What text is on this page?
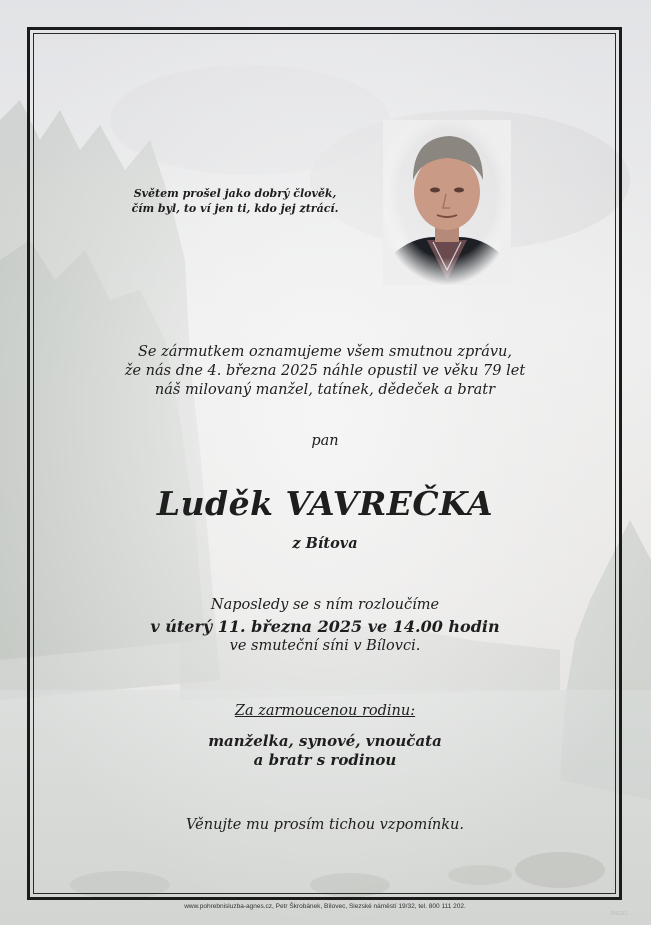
Světem prošel jako dobrý člověk,
čím byl, to ví jen ti, kdo jej ztrácí.
Se zármutkem oznamujeme všem smutnou zprávu,
že nás dne 4. března 2025 náhle opustil ve věku 79 let
náš milovaný manžel, tatínek, dědeček a bratr
pan
Luděk VAVREČKA
z Bítova
Naposledy se s ním rozloučíme
v úterý 11. března 2025 ve 14.00 hodin
ve smuteční síni v Bílovci.
Za zarmoucenou rodinu:
manželka, synové, vnoučata
a bratr s rodinou
Věnujte mu prosím tichou vzpomínku.
www.pohrebnisluzba-agnes.cz, Petr Škrobánek, Bílovec, Slezské náměstí 19/32, tel. 800 111 202.
©NGS1
